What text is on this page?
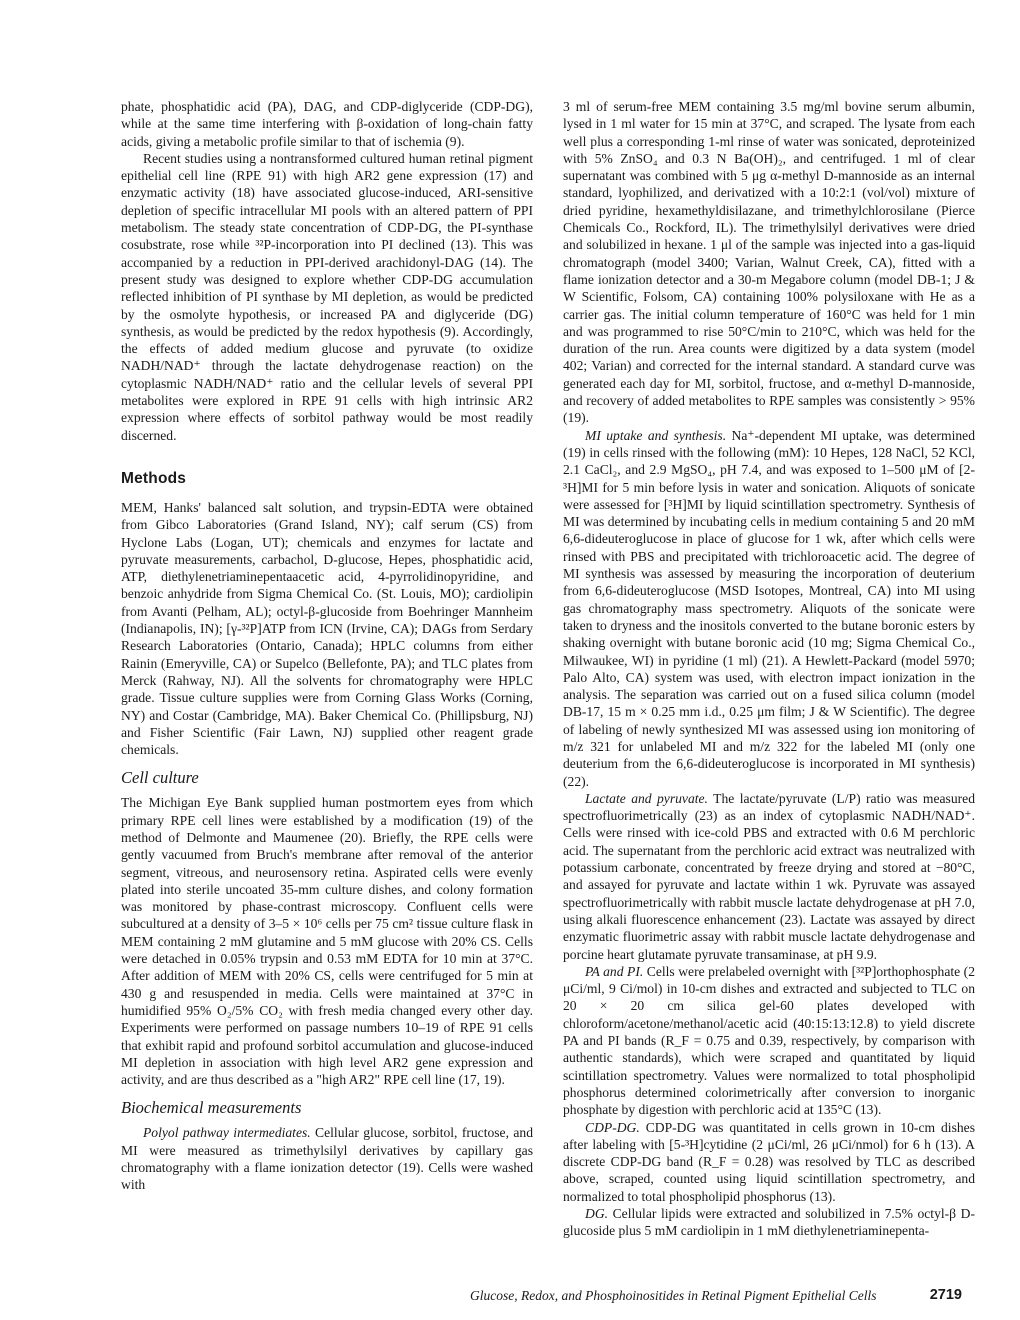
phate, phosphatidic acid (PA), DAG, and CDP-diglyceride (CDP-DG), while at the same time interfering with β-oxidation of long-chain fatty acids, giving a metabolic profile similar to that of ischemia (9).

Recent studies using a nontransformed cultured human retinal pigment epithelial cell line (RPE 91) with high AR2 gene expression (17) and enzymatic activity (18) have associated glucose-induced, ARI-sensitive depletion of specific intracellular MI pools with an altered pattern of PPI metabolism. The steady state concentration of CDP-DG, the PI-synthase cosubstrate, rose while ³²P-incorporation into PI declined (13). This was accompanied by a reduction in PPI-derived arachidonyl-DAG (14). The present study was designed to explore whether CDP-DG accumulation reflected inhibition of PI synthase by MI depletion, as would be predicted by the osmolyte hypothesis, or increased PA and diglyceride (DG) synthesis, as would be predicted by the redox hypothesis (9). Accordingly, the effects of added medium glucose and pyruvate (to oxidize NADH/NAD⁺ through the lactate dehydrogenase reaction) on the cytoplasmic NADH/NAD⁺ ratio and the cellular levels of several PPI metabolites were explored in RPE 91 cells with high intrinsic AR2 expression where effects of sorbitol pathway would be most readily discerned.

Methods

MEM, Hanks' balanced salt solution, and trypsin-EDTA were obtained from Gibco Laboratories (Grand Island, NY); calf serum (CS) from Hyclone Labs (Logan, UT); chemicals and enzymes for lactate and pyruvate measurements, carbachol, D-glucose, Hepes, phosphatidic acid, ATP, diethylenetriaminepentaacetic acid, 4-pyrrolidinopyridine, and benzoic anhydride from Sigma Chemical Co. (St. Louis, MO); cardiolipin from Avanti (Pelham, AL); octyl-β-glucoside from Boehringer Mannheim (Indianapolis, IN); [γ-³²P]ATP from ICN (Irvine, CA); DAGs from Serdary Research Laboratories (Ontario, Canada); HPLC columns from either Rainin (Emeryville, CA) or Supelco (Bellefonte, PA); and TLC plates from Merck (Rahway, NJ). All the solvents for chromatography were HPLC grade. Tissue culture supplies were from Corning Glass Works (Corning, NY) and Costar (Cambridge, MA). Baker Chemical Co. (Phillipsburg, NJ) and Fisher Scientific (Fair Lawn, NJ) supplied other reagent grade chemicals.

Cell culture

The Michigan Eye Bank supplied human postmortem eyes from which primary RPE cell lines were established by a modification (19) of the method of Delmonte and Maumenee (20). Briefly, the RPE cells were gently vacuumed from Bruch's membrane after removal of the anterior segment, vitreous, and neurosensory retina. Aspirated cells were evenly plated into sterile uncoated 35-mm culture dishes, and colony formation was monitored by phase-contrast microscopy. Confluent cells were subcultured at a density of 3–5 × 10⁶ cells per 75 cm² tissue culture flask in MEM containing 2 mM glutamine and 5 mM glucose with 20% CS. Cells were detached in 0.05% trypsin and 0.53 mM EDTA for 10 min at 37°C. After addition of MEM with 20% CS, cells were centrifuged for 5 min at 430 g and resuspended in media. Cells were maintained at 37°C in humidified 95% O₂/5% CO₂ with fresh media changed every other day. Experiments were performed on passage numbers 10–19 of RPE 91 cells that exhibit rapid and profound sorbitol accumulation and glucose-induced MI depletion in association with high level AR2 gene expression and activity, and are thus described as a "high AR2" RPE cell line (17, 19).

Biochemical measurements

Polyol pathway intermediates. Cellular glucose, sorbitol, fructose, and MI were measured as trimethylsilyl derivatives by capillary gas chromatography with a flame ionization detector (19). Cells were washed with

3 ml of serum-free MEM containing 3.5 mg/ml bovine serum albumin, lysed in 1 ml water for 15 min at 37°C, and scraped. The lysate from each well plus a corresponding 1-ml rinse of water was sonicated, deproteinized with 5% ZnSO₄ and 0.3 N Ba(OH)₂, and centrifuged. 1 ml of clear supernatant was combined with 5 μg α-methyl D-mannoside as an internal standard, lyophilized, and derivatized with a 10:2:1 (vol/vol) mixture of dried pyridine, hexamethyldisilazane, and trimethylchlorosilane (Pierce Chemicals Co., Rockford, IL). The trimethylsilyl derivatives were dried and solubilized in hexane. 1 μl of the sample was injected into a gas-liquid chromatograph (model 3400; Varian, Walnut Creek, CA), fitted with a flame ionization detector and a 30-m Megabore column (model DB-1; J & W Scientific, Folsom, CA) containing 100% polysiloxane with He as a carrier gas. The initial column temperature of 160°C was held for 1 min and was programmed to rise 50°C/min to 210°C, which was held for the duration of the run. Area counts were digitized by a data system (model 402; Varian) and corrected for the internal standard. A standard curve was generated each day for MI, sorbitol, fructose, and α-methyl D-mannoside, and recovery of added metabolites to RPE samples was consistently > 95% (19).

MI uptake and synthesis. Na⁺-dependent MI uptake, was determined (19) in cells rinsed with the following (mM): 10 Hepes, 128 NaCl, 52 KCl, 2.1 CaCl₂, and 2.9 MgSO₄, pH 7.4, and was exposed to 1–500 μM of [2-³H]MI for 5 min before lysis in water and sonication. Aliquots of sonicate were assessed for [³H]MI by liquid scintillation spectrometry. Synthesis of MI was determined by incubating cells in medium containing 5 and 20 mM 6,6-dideuteroglucose in place of glucose for 1 wk, after which cells were rinsed with PBS and precipitated with trichloroacetic acid. The degree of MI synthesis was assessed by measuring the incorporation of deuterium from 6,6-dideuteroglucose (MSD Isotopes, Montreal, CA) into MI using gas chromatography mass spectrometry. Aliquots of the sonicate were taken to dryness and the inositols converted to the butane boronic esters by shaking overnight with butane boronic acid (10 mg; Sigma Chemical Co., Milwaukee, WI) in pyridine (1 ml) (21). A Hewlett-Packard (model 5970; Palo Alto, CA) system was used, with electron impact ionization in the analysis. The separation was carried out on a fused silica column (model DB-17, 15 m × 0.25 mm i.d., 0.25 μm film; J & W Scientific). The degree of labeling of newly synthesized MI was assessed using ion monitoring of m/z 321 for unlabeled MI and m/z 322 for the labeled MI (only one deuterium from the 6,6-dideuteroglucose is incorporated in MI synthesis) (22).

Lactate and pyruvate. The lactate/pyruvate (L/P) ratio was measured spectrofluorimetrically (23) as an index of cytoplasmic NADH/NAD⁺. Cells were rinsed with ice-cold PBS and extracted with 0.6 M perchloric acid. The supernatant from the perchloric acid extract was neutralized with potassium carbonate, concentrated by freeze drying and stored at −80°C, and assayed for pyruvate and lactate within 1 wk. Pyruvate was assayed spectrofluorimetrically with rabbit muscle lactate dehydrogenase at pH 7.0, using alkali fluorescence enhancement (23). Lactate was assayed by direct enzymatic fluorimetric assay with rabbit muscle lactate dehydrogenase and porcine heart glutamate pyruvate transaminase, at pH 9.9.

PA and PI. Cells were prelabeled overnight with [³²P]orthophosphate (2 μCi/ml, 9 Ci/mol) in 10-cm dishes and extracted and subjected to TLC on 20 × 20 cm silica gel-60 plates developed with chloroform/acetone/methanol/acetic acid (40:15:13:12.8) to yield discrete PA and PI bands (R_F = 0.75 and 0.39, respectively, by comparison with authentic standards), which were scraped and quantitated by liquid scintillation spectrometry. Values were normalized to total phospholipid phosphorus determined colorimetrically after conversion to inorganic phosphate by digestion with perchloric acid at 135°C (13).

CDP-DG. CDP-DG was quantitated in cells grown in 10-cm dishes after labeling with [5-³H]cytidine (2 μCi/ml, 26 μCi/nmol) for 6 h (13). A discrete CDP-DG band (R_F = 0.28) was resolved by TLC as described above, scraped, counted using liquid scintillation spectrometry, and normalized to total phospholipid phosphorus (13).

DG. Cellular lipids were extracted and solubilized in 7.5% octyl-β D-glucoside plus 5 mM cardiolipin in 1 mM diethylenetriaminepenta-

Glucose, Redox, and Phosphoinositides in Retinal Pigment Epithelial Cells	2719
